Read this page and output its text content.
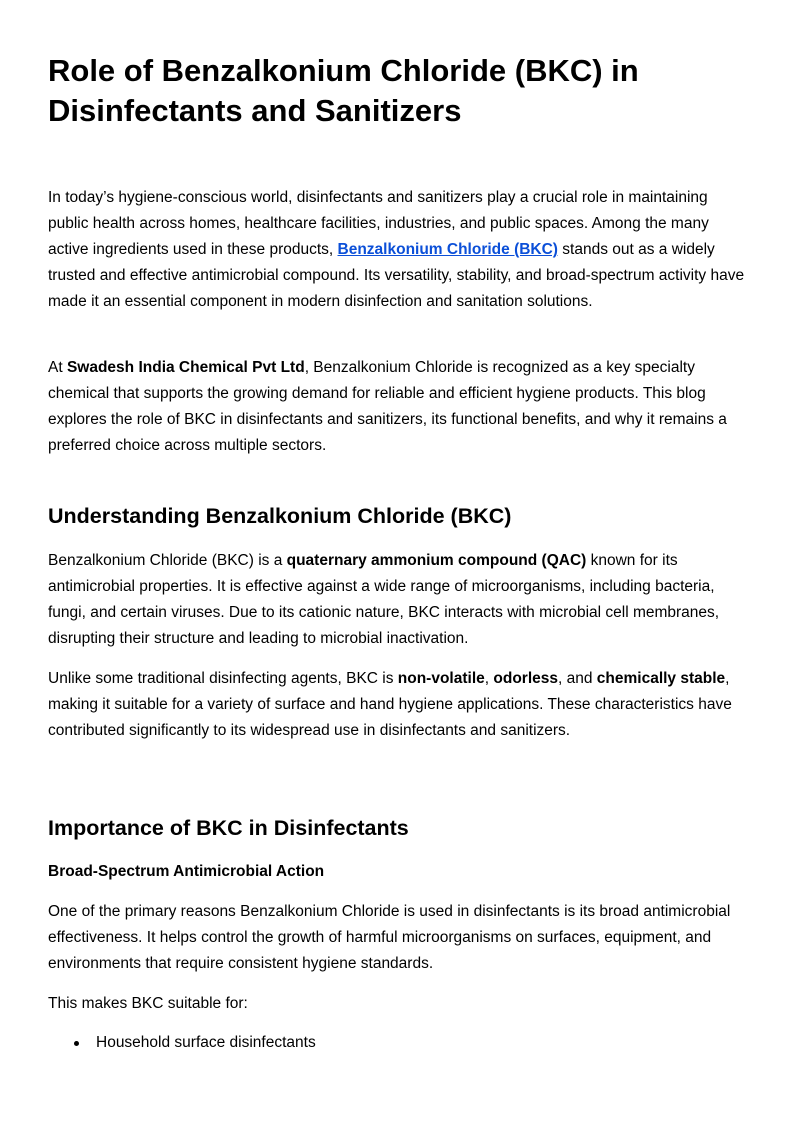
Role of Benzalkonium Chloride (BKC) in Disinfectants and Sanitizers

In today’s hygiene-conscious world, disinfectants and sanitizers play a crucial role in maintaining public health across homes, healthcare facilities, industries, and public spaces. Among the many active ingredients used in these products, Benzalkonium Chloride (BKC) stands out as a widely trusted and effective antimicrobial compound. Its versatility, stability, and broad-spectrum activity have made it an essential component in modern disinfection and sanitation solutions.

At Swadesh India Chemical Pvt Ltd, Benzalkonium Chloride is recognized as a key specialty chemical that supports the growing demand for reliable and efficient hygiene products. This blog explores the role of BKC in disinfectants and sanitizers, its functional benefits, and why it remains a preferred choice across multiple sectors.

Understanding Benzalkonium Chloride (BKC)

Benzalkonium Chloride (BKC) is a quaternary ammonium compound (QAC) known for its antimicrobial properties. It is effective against a wide range of microorganisms, including bacteria, fungi, and certain viruses. Due to its cationic nature, BKC interacts with microbial cell membranes, disrupting their structure and leading to microbial inactivation.

Unlike some traditional disinfecting agents, BKC is non-volatile, odorless, and chemically stable, making it suitable for a variety of surface and hand hygiene applications. These characteristics have contributed significantly to its widespread use in disinfectants and sanitizers.

Importance of BKC in Disinfectants
Broad-Spectrum Antimicrobial Action

One of the primary reasons Benzalkonium Chloride is used in disinfectants is its broad antimicrobial effectiveness. It helps control the growth of harmful microorganisms on surfaces, equipment, and environments that require consistent hygiene standards.

This makes BKC suitable for:

Household surface disinfectants
